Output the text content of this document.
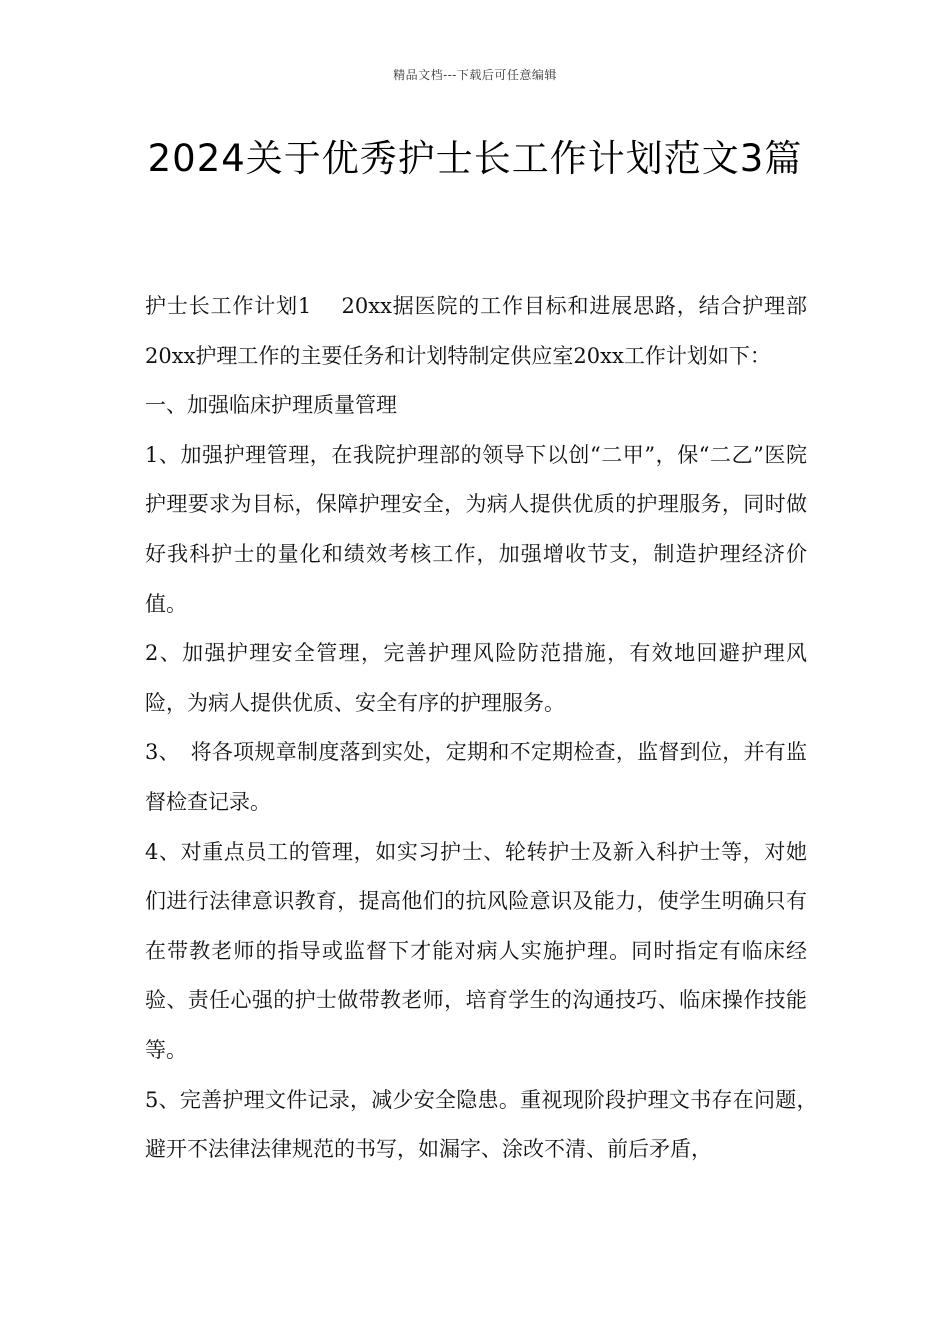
精品文档---下载后可任意编辑
2024关于优秀护士长工作计划范文3篇

护士长工作计划1　 20xx据医院的工作目标和进展思路，结合护理部20xx护理工作的主要任务和计划特制定供应室20xx工作计划如下：

一、加强临床护理质量管理

1、加强护理管理，在我院护理部的领导下以创“二甲”，保“二乙”医院护理要求为目标，保障护理安全，为病人提供优质的护理服务，同时做好我科护士的量化和绩效考核工作，加强增收节支，制造护理经济价值。

2、加强护理安全管理，完善护理风险防范措施，有效地回避护理风险，为病人提供优质、安全有序的护理服务。

3、　将各项规章制度落到实处，定期和不定期检查，监督到位，并有监督检查记录。

4、对重点员工的管理，如实习护士、轮转护士及新入科护士等，对她们进行法律意识教育，提高他们的抗风险意识及能力，使学生明确只有在带教老师的指导或监督下才能对病人实施护理。同时指定有临床经验、责任心强的护士做带教老师，培育学生的沟通技巧、临床操作技能等。

5、完善护理文件记录，减少安全隐患。重视现阶段护理文书存在问题，　避开不法律法律规范的书写，如漏字、涂改不清、前后矛盾，
